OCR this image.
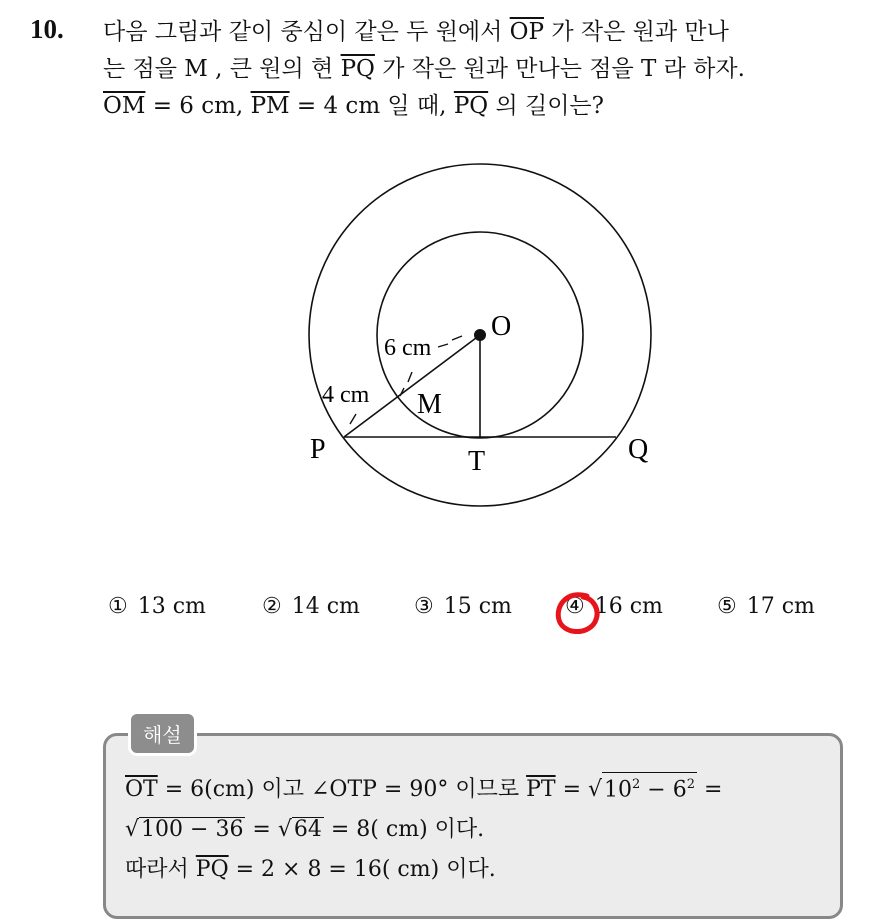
10. 다음 그림과 같이 중심이 같은 두 원에서 $\overline{OP}$ 가 작은 원과 만나
는 점을 M , 큰 원의 현 $\overline{PQ}$ 가 작은 원과 만나는 점을 T 라 하자.
$\overline{OM} = 6$ cm, $\overline{PM} = 4$ cm 일 때, $\overline{PQ}$ 의 길이는?
O
6 cm
4 cm M
P	T	Q
① 13 cm	② 14 cm ③ 15 cm ④ 16 cm ⑤ 17 cm
해설
$\overline{OT} = 6(cm)$ 이고 ∠OTP = 90° 이므로 $\overline{PT} = √10^2 - 6^2$ =
√100 − 36 = √64 = 8( cm) 이다.
따라서 $\overline{PQ} = 2 \times 8 = 16$( cm) 이다.
